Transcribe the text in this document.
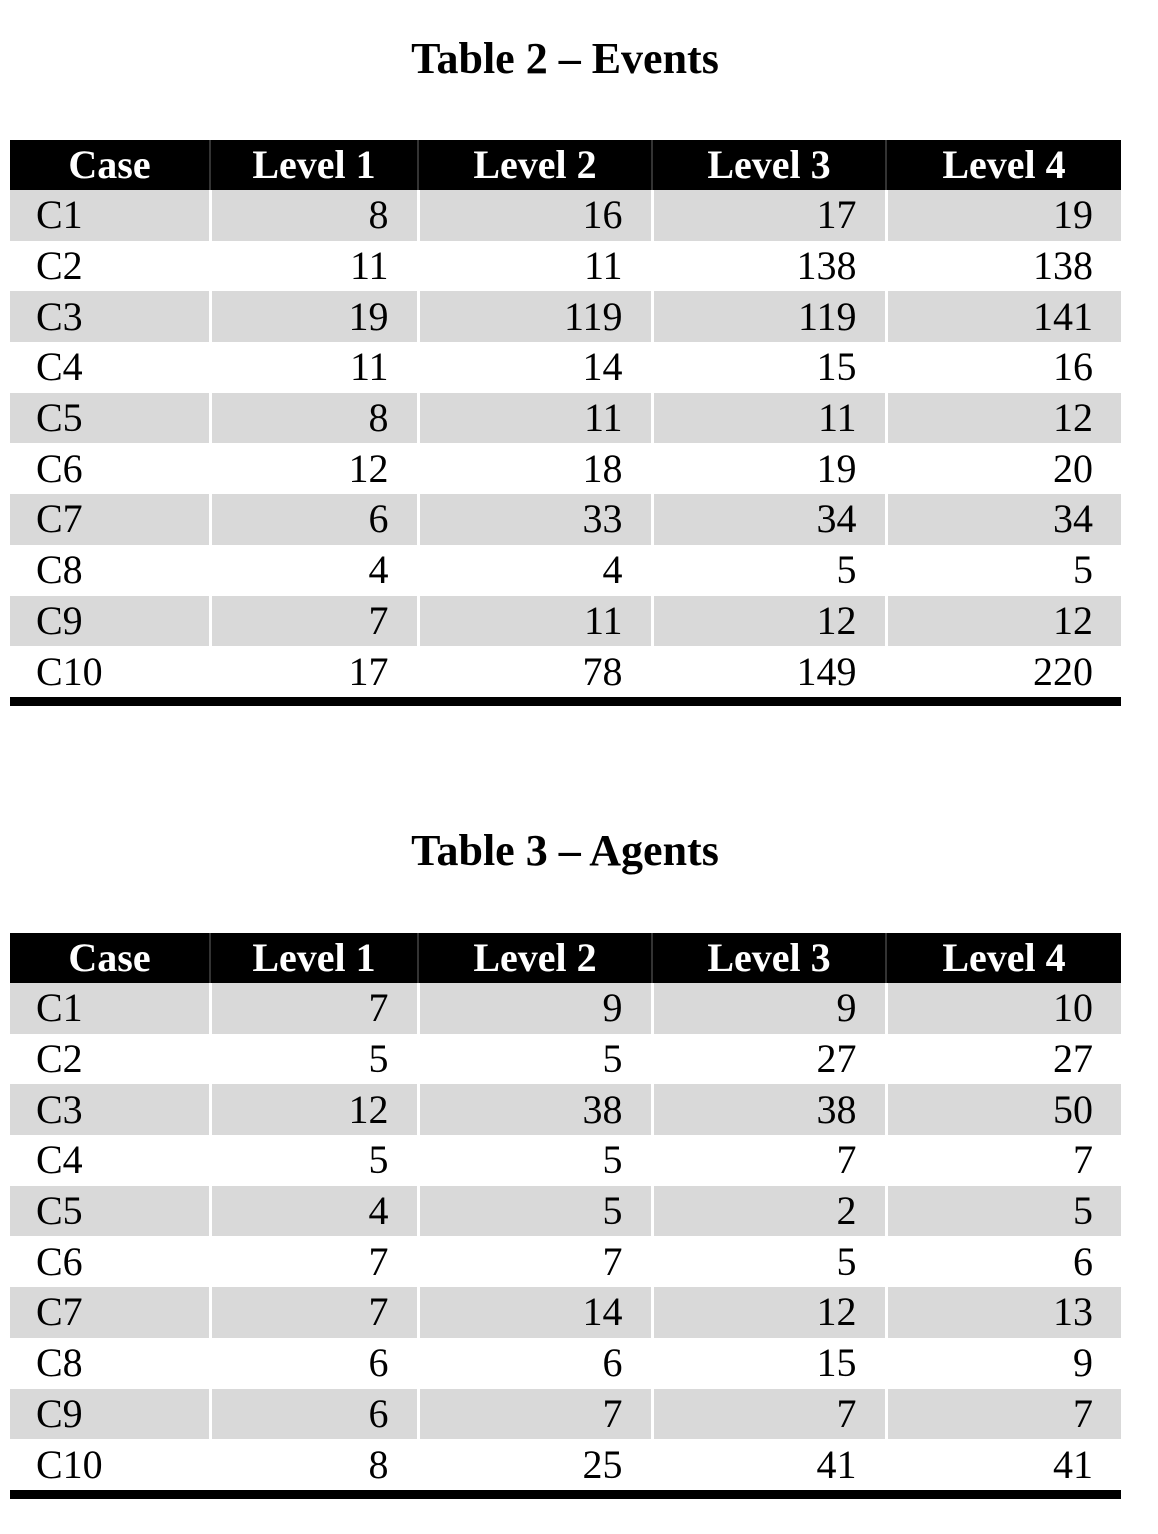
Table 2 – Events
Case	Level 1	Level 2	Level 3	Level 4
C1	8	16	17	19
C2	11	11	138	138
C3	19	119	119	141
C4	11	14	15	16
C5	8	11	11	12
C6	12	18	19	20
C7	6	33	34	34
C8	4	4	5	5
C9	7	11	12	12
C10	17	78	149	220
Table 3 – Agents
Case	Level 1	Level 2	Level 3	Level 4
C1	7	9	9	10
C2	5	5	27	27
C3	12	38	38	50
C4	5	5	7	7
C5	4	5	2	5
C6	7	7	5	6
C7	7	14	12	13
C8	6	6	15	9
C9	6	7	7	7
C10	8	25	41	41
